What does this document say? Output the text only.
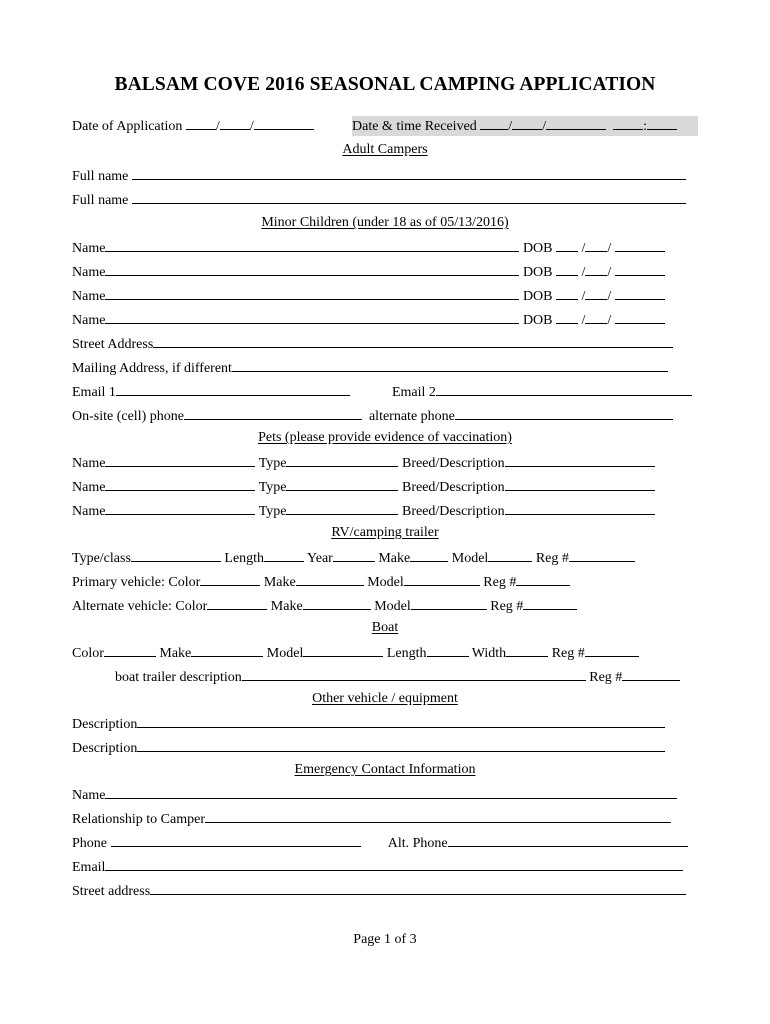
BALSAM COVE 2016 SEASONAL CAMPING APPLICATION
Date of Application / /	Date & time Received / /	:
Adult Campers
Full name
Full name
Minor Children (under 18 as of 05/13/2016)
Name	DOB  / /
Name	DOB  / /
Name	DOB  / /
Name	DOB  / /
Street Address
Mailing Address, if different
Email 1	Email 2
On-site (cell) phone	alternate phone
Pets (please provide evidence of vaccination)
Name	Type	Breed/Description
Name	Type	Breed/Description
Name	Type	Breed/Description
RV/camping trailer
Type/class	Length	Year	Make	Model	Reg #
Primary vehicle: Color	Make	Model	Reg #
Alternate vehicle: Color	Make	Model	Reg #
Boat
Color	Make	Model	Length	Width	Reg #
boat trailer description	Reg #
Other vehicle / equipment
Description
Description
Emergency Contact Information
Name
Relationship to Camper
Phone	Alt. Phone
Email
Street address
Page 1 of 3
